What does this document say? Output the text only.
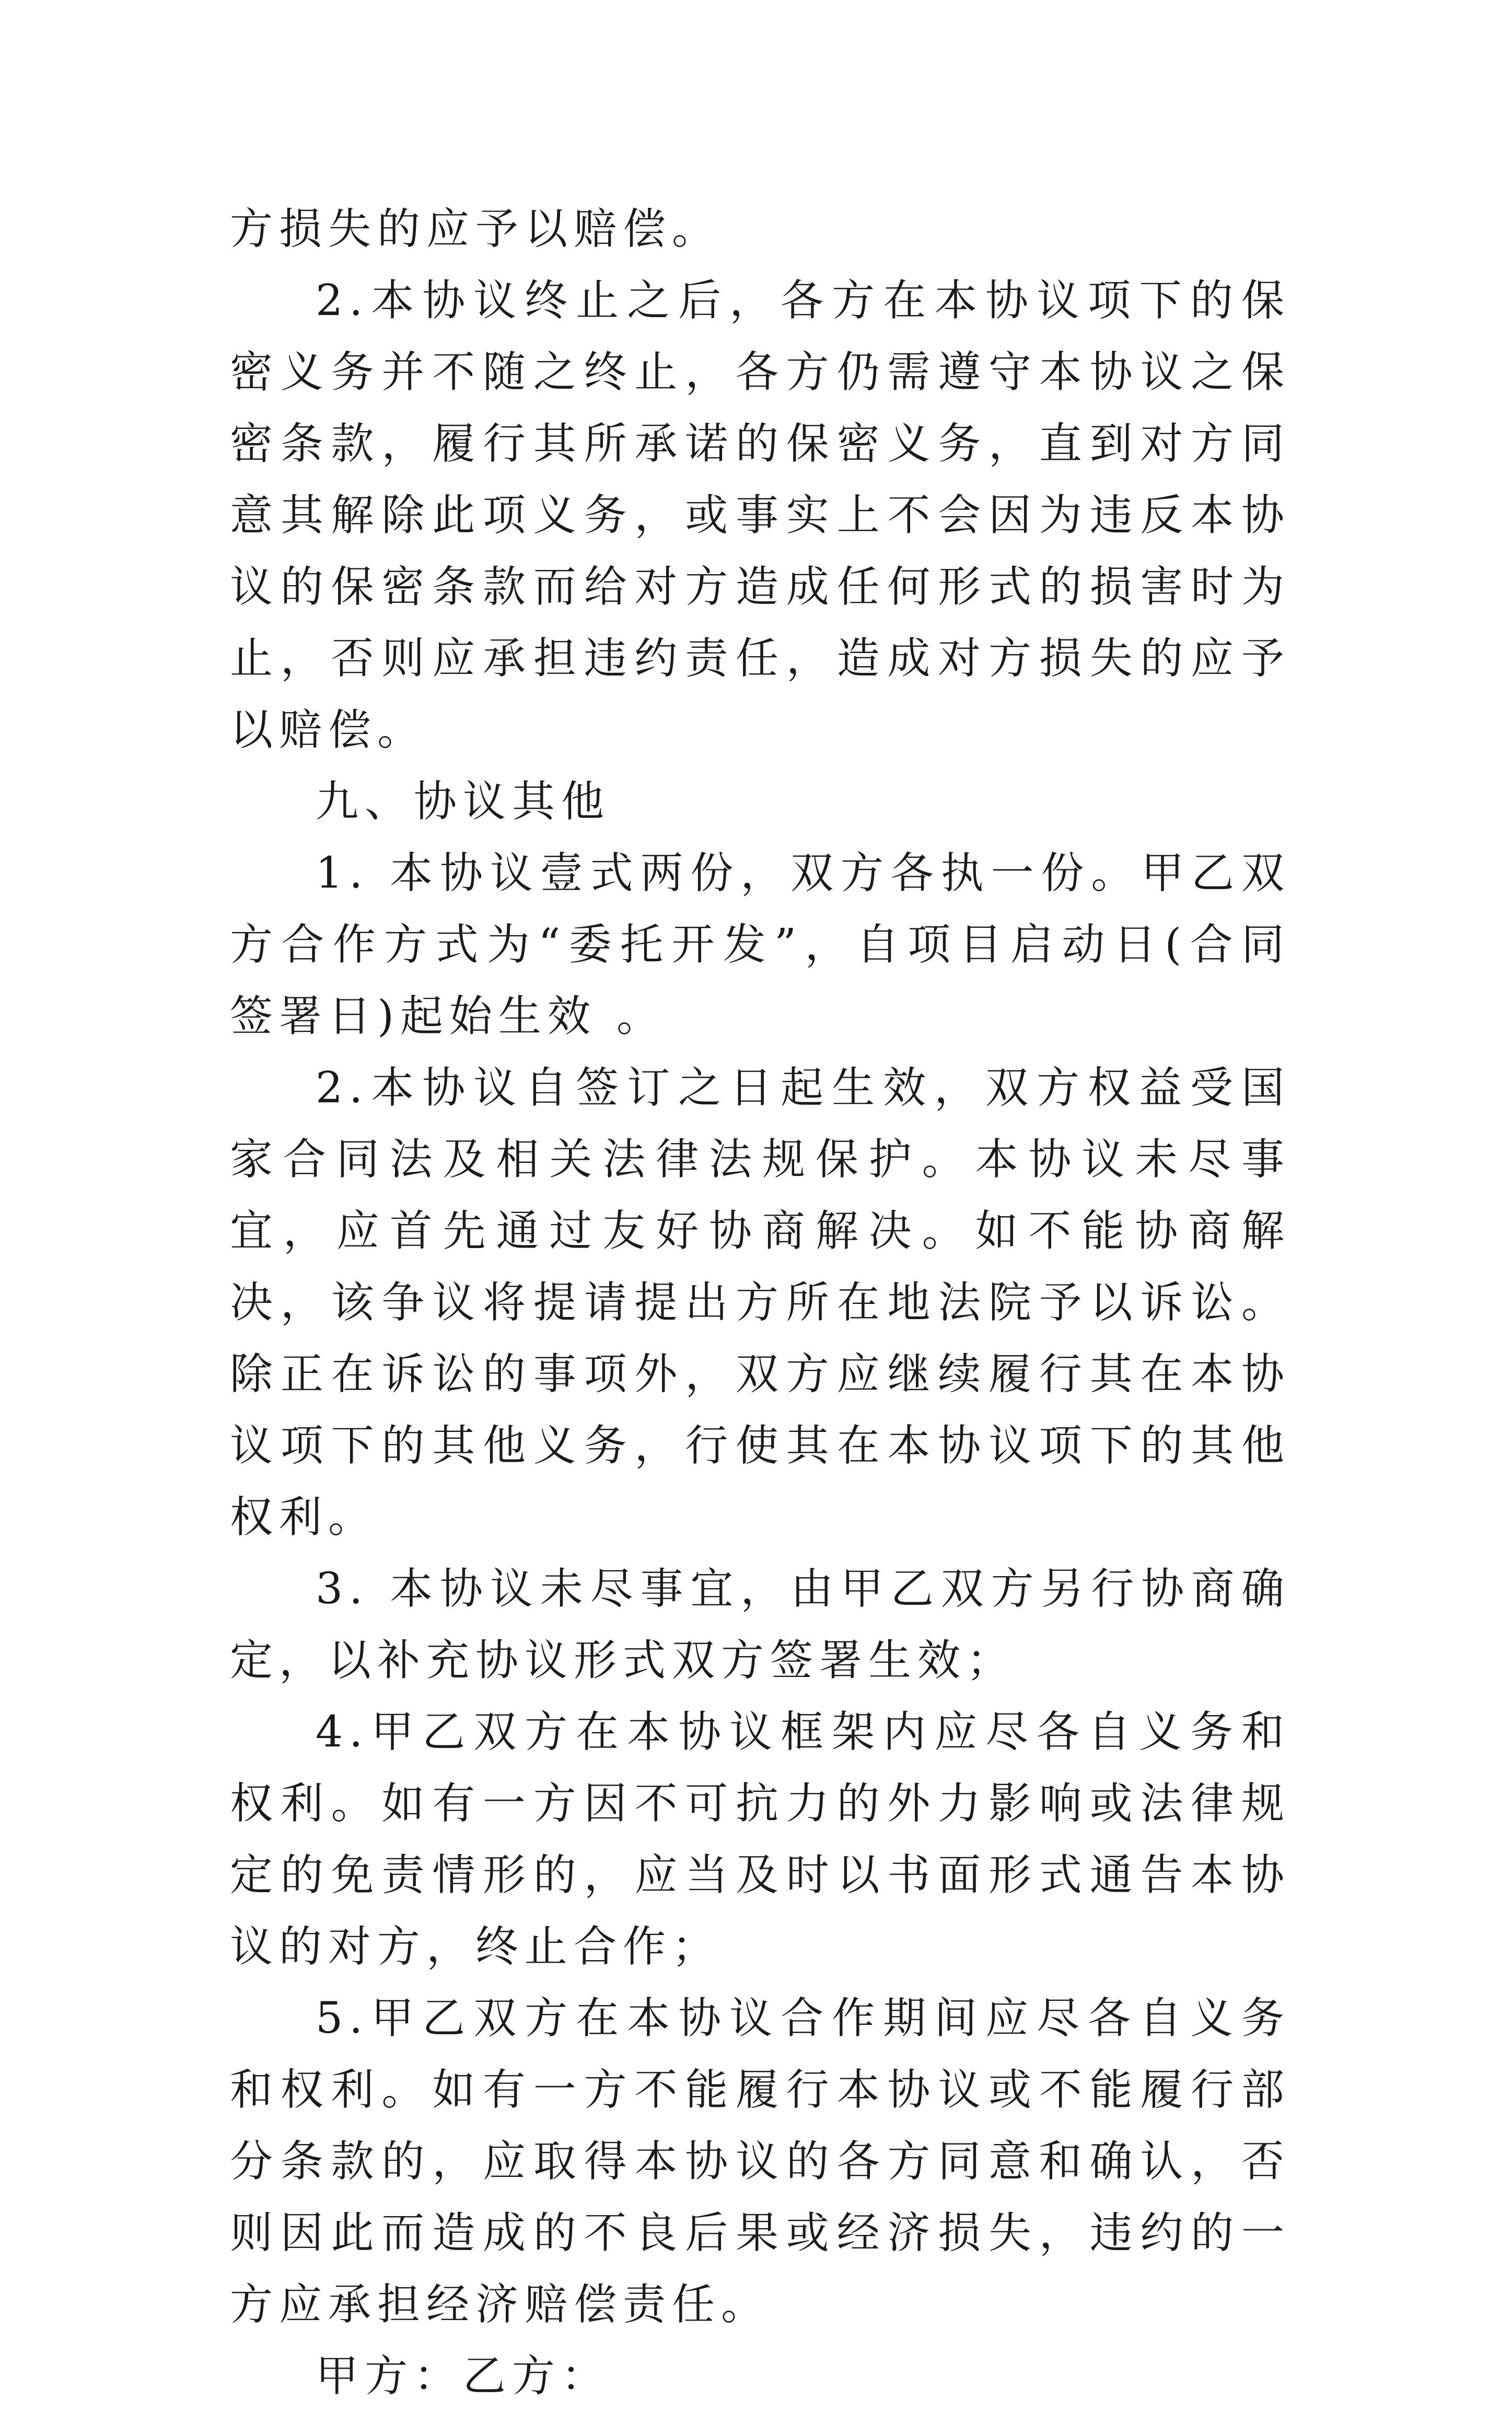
方损失的应予以赔偿。

2.本协议终止之后，各方在本协议项下的保密义务并不随之终止，各方仍需遵守本协议之保密条款，履行其所承诺的保密义务，直到对方同意其解除此项义务，或事实上不会因为违反本协议的保密条款而给对方造成任何形式的损害时为止，否则应承担违约责任，造成对方损失的应予以赔偿。

九、协议其他

1. 本协议壹式两份，双方各执一份。甲乙双方合作方式为“委托开发”，自项目启动日(合同签署日)起始生效 。

2.本协议自签订之日起生效，双方权益受国家合同法及相关法律法规保护。本协议未尽事宜，应首先通过友好协商解决。如不能协商解决，该争议将提请提出方所在地法院予以诉讼。除正在诉讼的事项外，双方应继续履行其在本协议项下的其他义务，行使其在本协议项下的其他权利。

3. 本协议未尽事宜，由甲乙双方另行协商确定，以补充协议形式双方签署生效；

4.甲乙双方在本协议框架内应尽各自义务和权利。如有一方因不可抗力的外力影响或法律规定的免责情形的，应当及时以书面形式通告本协议的对方，终止合作；

5.甲乙双方在本协议合作期间应尽各自义务和权利。如有一方不能履行本协议或不能履行部分条款的，应取得本协议的各方同意和确认，否则因此而造成的不良后果或经济损失，违约的一方应承担经济赔偿责任。

甲方：乙方：
